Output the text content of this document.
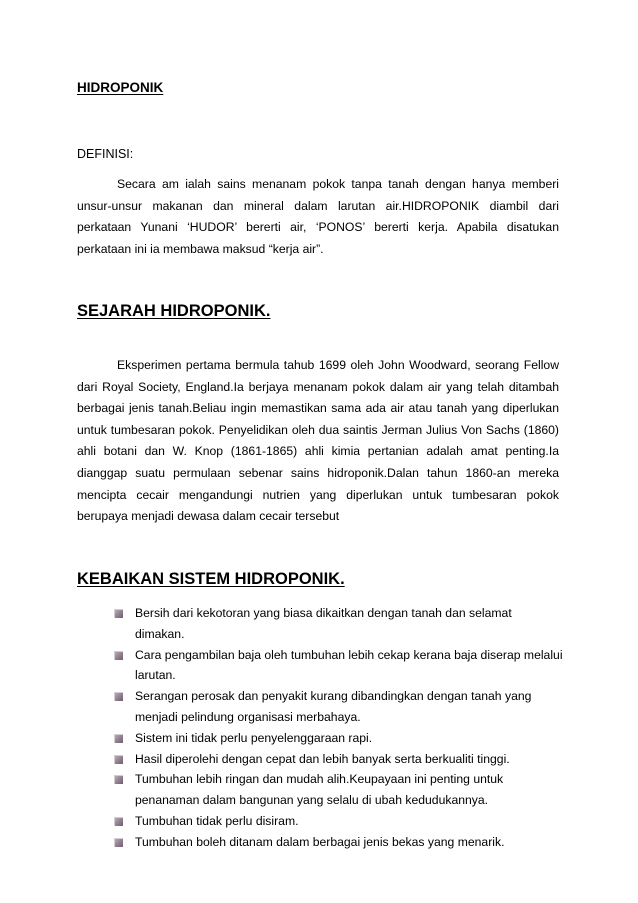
HIDROPONIK

DEFINISI:

Secara am ialah sains menanam pokok tanpa tanah dengan hanya memberi unsur-unsur makanan dan mineral dalam larutan air.HIDROPONIK diambil dari perkataan Yunani ‘HUDOR’ bererti air, ‘PONOS’ bererti kerja. Apabila disatukan perkataan ini ia membawa maksud “kerja air”.

SEJARAH HIDROPONIK.

Eksperimen pertama bermula tahub 1699 oleh John Woodward, seorang Fellow dari Royal Society, England.Ia berjaya menanam pokok dalam air yang telah ditambah berbagai jenis tanah.Beliau ingin memastikan sama ada air atau tanah yang diperlukan untuk tumbesaran pokok. Penyelidikan oleh dua saintis Jerman Julius Von Sachs (1860) ahli botani dan W. Knop (1861-1865) ahli kimia pertanian adalah amat penting.Ia dianggap suatu permulaan sebenar sains hidroponik.Dalan tahun 1860-an mereka mencipta cecair mengandungi nutrien yang diperlukan untuk tumbesaran pokok berupaya menjadi dewasa dalam cecair tersebut

KEBAIKAN SISTEM HIDROPONIK.
Bersih dari kekotoran yang biasa dikaitkan dengan tanah dan selamat dimakan.
Cara pengambilan baja oleh tumbuhan lebih cekap kerana baja diserap melalui larutan.
Serangan perosak dan penyakit kurang dibandingkan dengan tanah yang menjadi pelindung organisasi merbahaya.
Sistem ini tidak perlu penyelenggaraan rapi.
Hasil diperolehi dengan cepat dan lebih banyak serta berkualiti tinggi.
Tumbuhan lebih ringan dan mudah alih.Keupayaan ini penting untuk penanaman dalam bangunan yang selalu di ubah kedudukannya.
Tumbuhan tidak perlu disiram.
Tumbuhan boleh ditanam dalam berbagai jenis bekas yang menarik.
